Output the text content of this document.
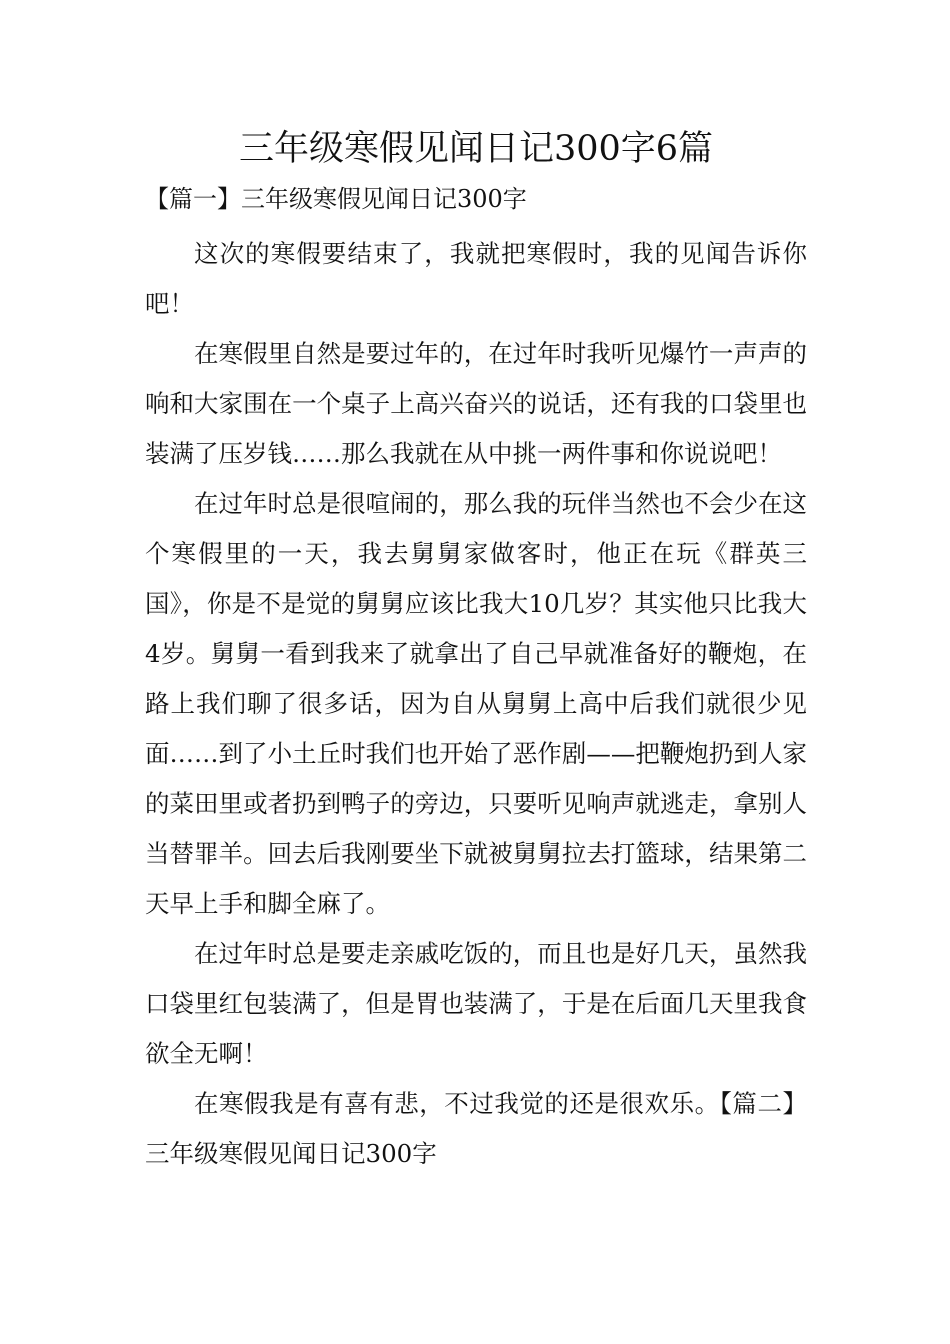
三年级寒假见闻日记300字6篇

【篇一】三年级寒假见闻日记300字

这次的寒假要结束了，我就把寒假时，我的见闻告诉你吧！

在寒假里自然是要过年的，在过年时我听见爆竹一声声的响和大家围在一个桌子上高兴奋兴的说话，还有我的口袋里也装满了压岁钱……那么我就在从中挑一两件事和你说说吧！

在过年时总是很喧闹的，那么我的玩伴当然也不会少在这个寒假里的一天，我去舅舅家做客时，他正在玩《群英三国》，你是不是觉的舅舅应该比我大10几岁？其实他只比我大4岁。舅舅一看到我来了就拿出了自己早就准备好的鞭炮，在路上我们聊了很多话，因为自从舅舅上高中后我们就很少见面……到了小土丘时我们也开始了恶作剧——把鞭炮扔到人家的菜田里或者扔到鸭子的旁边，只要听见响声就逃走，拿别人当替罪羊。回去后我刚要坐下就被舅舅拉去打篮球，结果第二天早上手和脚全麻了。

在过年时总是要走亲戚吃饭的，而且也是好几天，虽然我口袋里红包装满了，但是胃也装满了，于是在后面几天里我食欲全无啊！

在寒假我是有喜有悲，不过我觉的还是很欢乐。【篇二】三年级寒假见闻日记300字
